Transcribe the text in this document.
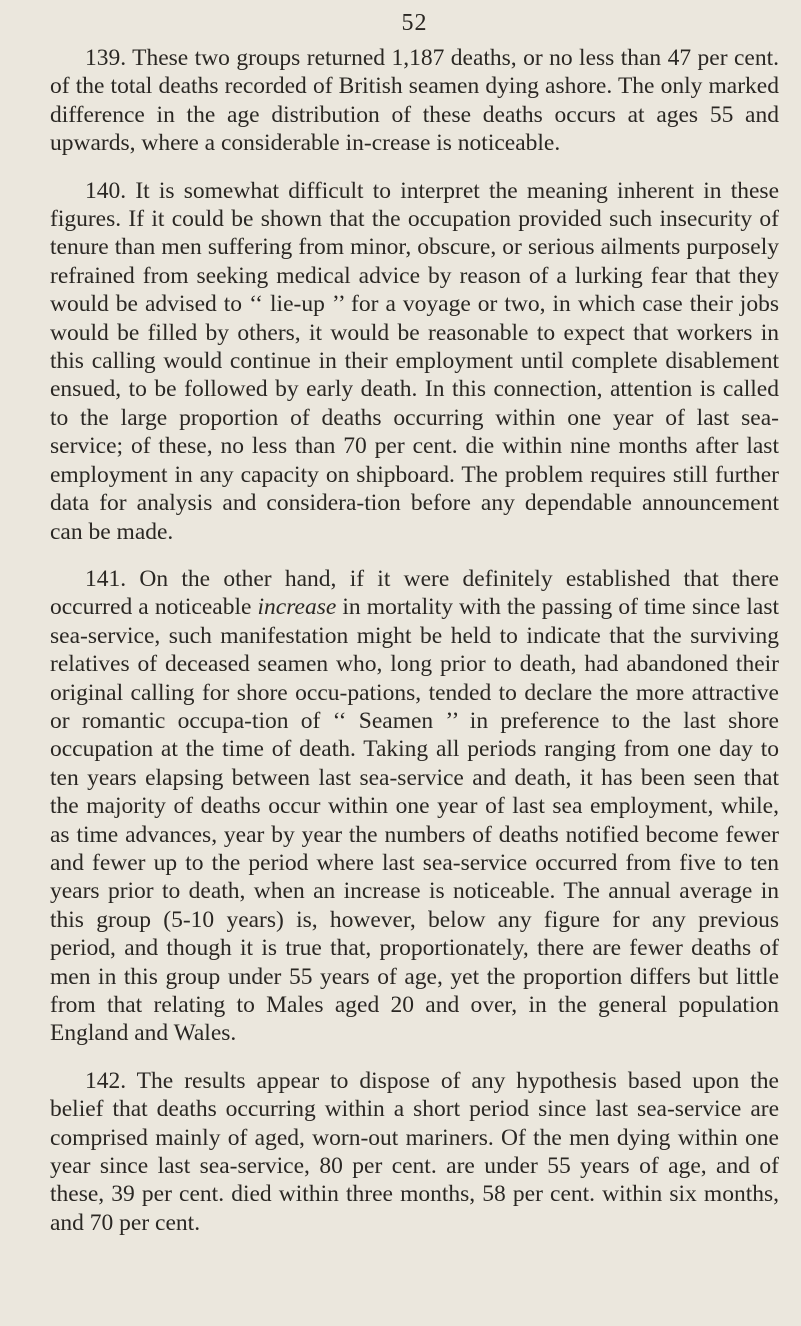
52

139. These two groups returned 1,187 deaths, or no less than 47 per cent. of the total deaths recorded of British seamen dying ashore. The only marked difference in the age distribution of these deaths occurs at ages 55 and upwards, where a considerable in-crease is noticeable.

140. It is somewhat difficult to interpret the meaning inherent in these figures. If it could be shown that the occupation provided such insecurity of tenure than men suffering from minor, obscure, or serious ailments purposely refrained from seeking medical advice by reason of a lurking fear that they would be advised to ‘‘ lie-up ’’ for a voyage or two, in which case their jobs would be filled by others, it would be reasonable to expect that workers in this calling would continue in their employment until complete disablement ensued, to be followed by early death. In this connection, attention is called to the large proportion of deaths occurring within one year of last sea-service; of these, no less than 70 per cent. die within nine months after last employment in any capacity on shipboard. The problem requires still further data for analysis and considera-tion before any dependable announcement can be made.

141. On the other hand, if it were definitely established that there occurred a noticeable increase in mortality with the passing of time since last sea-service, such manifestation might be held to indicate that the surviving relatives of deceased seamen who, long prior to death, had abandoned their original calling for shore occu-pations, tended to declare the more attractive or romantic occupa-tion of ‘‘ Seamen ’’ in preference to the last shore occupation at the time of death. Taking all periods ranging from one day to ten years elapsing between last sea-service and death, it has been seen that the majority of deaths occur within one year of last sea employment, while, as time advances, year by year the numbers of deaths notified become fewer and fewer up to the period where last sea-service occurred from five to ten years prior to death, when an increase is noticeable. The annual average in this group (5-10 years) is, however, below any figure for any previous period, and though it is true that, proportionately, there are fewer deaths of men in this group under 55 years of age, yet the proportion differs but little from that relating to Males aged 20 and over, in the general population England and Wales.

142. The results appear to dispose of any hypothesis based upon the belief that deaths occurring within a short period since last sea-service are comprised mainly of aged, worn-out mariners. Of the men dying within one year since last sea-service, 80 per cent. are under 55 years of age, and of these, 39 per cent. died within three months, 58 per cent. within six months, and 70 per cent.
